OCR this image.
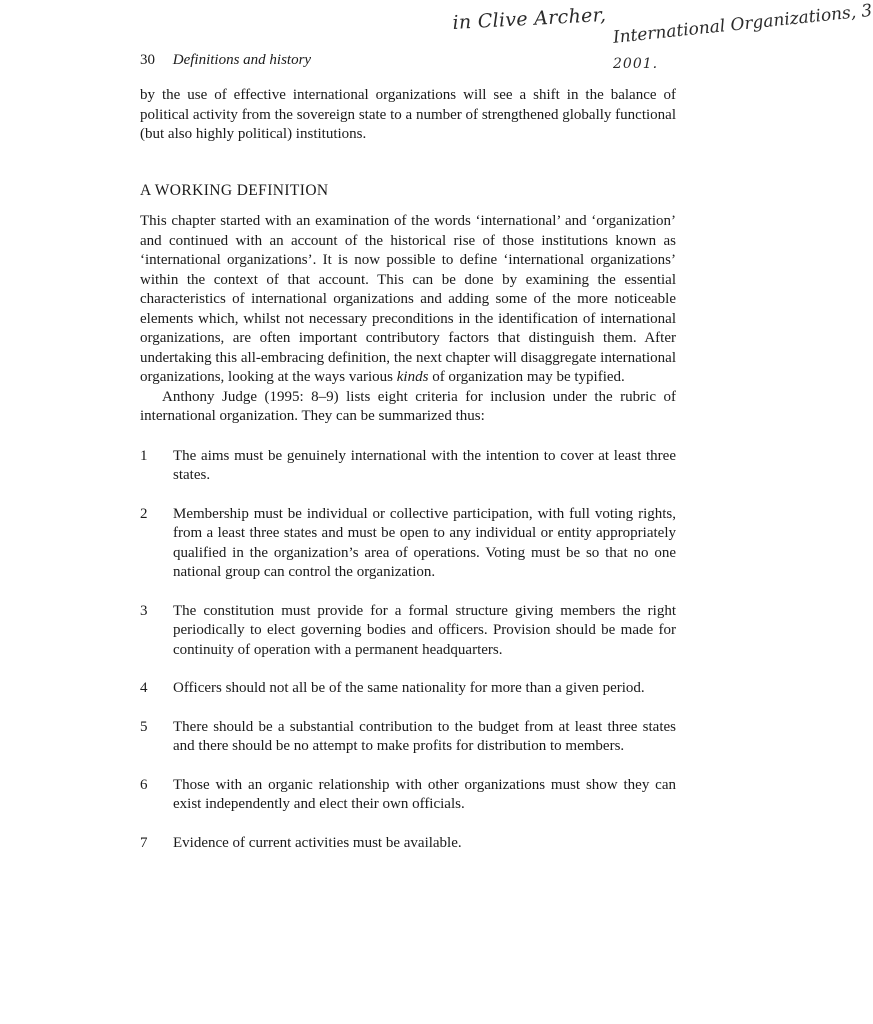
in Clive Archer, International Organizations, 3
2001.
30 Definitions and history

by the use of effective international organizations will see a shift in the balance of political activity from the sovereign state to a number of strengthened globally functional (but also highly political) institutions.

A WORKING DEFINITION

This chapter started with an examination of the words ‘international’ and ‘organization’ and continued with an account of the historical rise of those institutions known as ‘international organizations’. It is now possible to define ‘international organizations’ within the context of that account. This can be done by examining the essential characteristics of international organizations and adding some of the more noticeable elements which, whilst not necessary preconditions in the identification of international organizations, are often important contributory factors that distinguish them. After undertaking this all-embracing definition, the next chapter will disaggregate international organizations, looking at the ways various kinds of organization may be typified.

Anthony Judge (1995: 8–9) lists eight criteria for inclusion under the rubric of international organization. They can be summarized thus:

1	The aims must be genuinely international with the intention to cover at least three states.
2	Membership must be individual or collective participation, with full voting rights, from a least three states and must be open to any individual or entity appropriately qualified in the organization’s area of operations. Voting must be so that no one national group can control the organization.
3	The constitution must provide for a formal structure giving members the right periodically to elect governing bodies and officers. Provision should be made for continuity of operation with a permanent headquarters.
4	Officers should not all be of the same nationality for more than a given period.
5	There should be a substantial contribution to the budget from at least three states and there should be no attempt to make profits for distribution to members.
6	Those with an organic relationship with other organizations must show they can exist independently and elect their own officials.
7	Evidence of current activities must be available.
